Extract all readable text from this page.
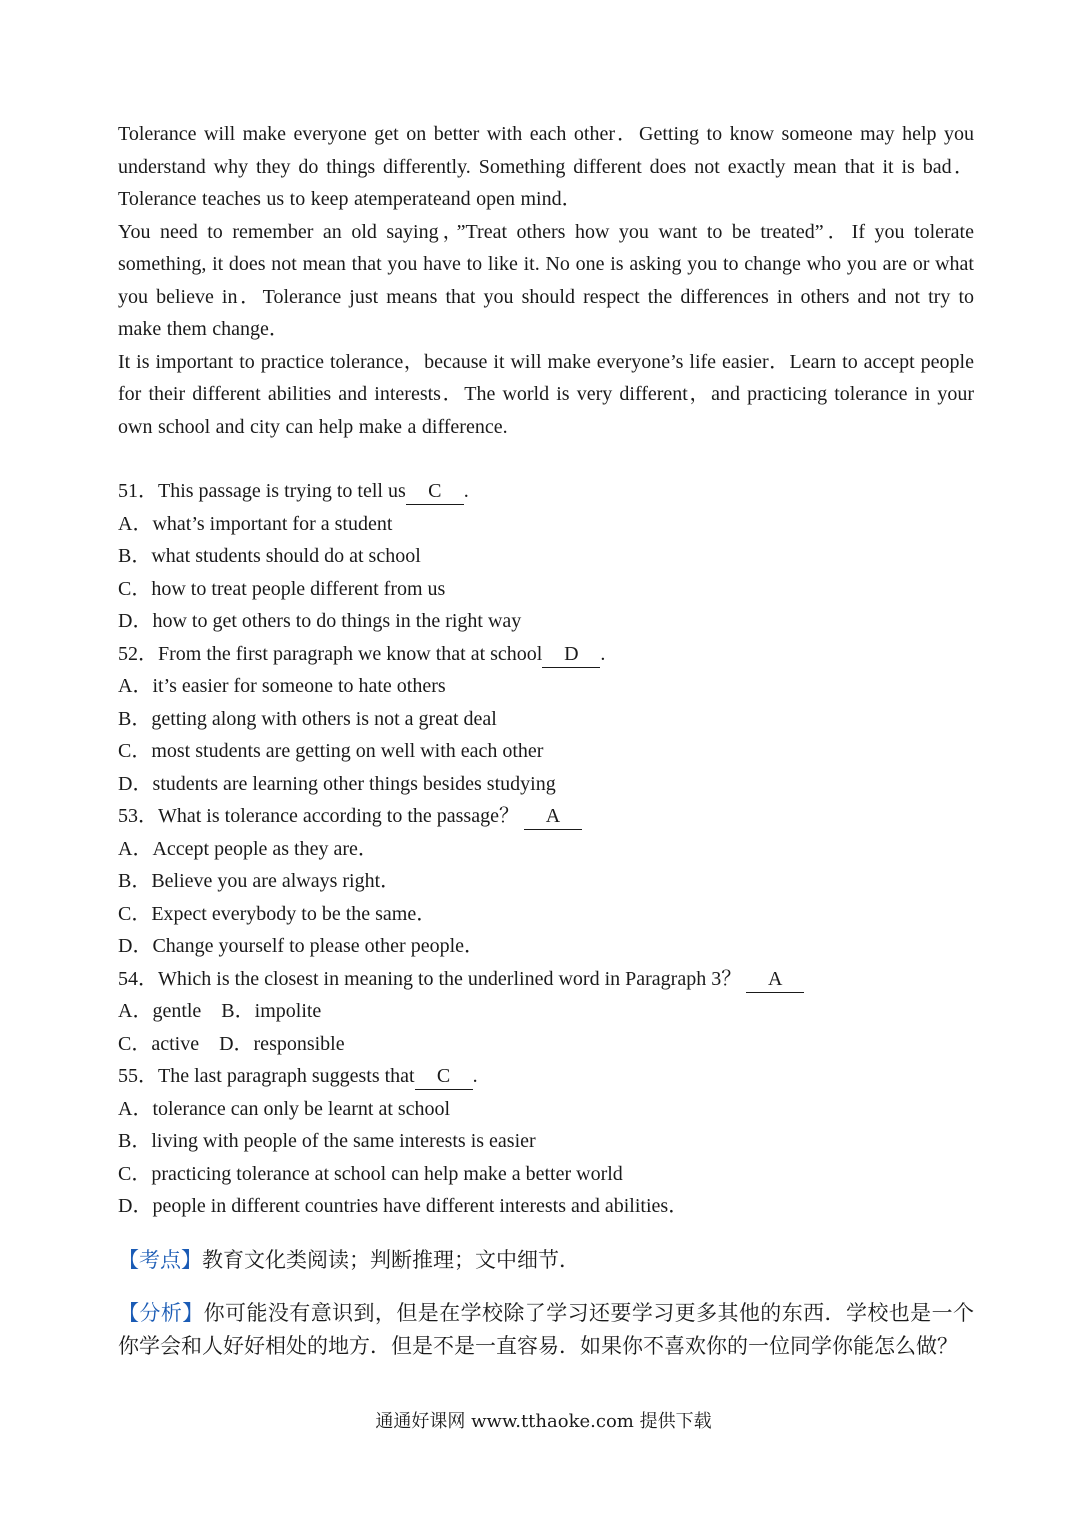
Tolerance will make everyone get on better with each other．Getting to know someone may help you understand why they do things differently. Something different does not exactly mean that it is bad．Tolerance teaches us to keep atemperateand open mind．

You need to remember an old saying，”Treat others how you want to be treated”．If you tolerate something, it does not mean that you have to like it. No one is asking you to change who you are or what you believe in．Tolerance just means that you should respect the differences in others and not try to make them change．

It is important to practice tolerance，because it will make everyone’s life easier．Learn to accept people for their different abilities and interests．The world is very different，and practicing tolerance in your own school and city can help make a difference.

51．This passage is trying to tell us C .

A．what’s important for a student

B．what students should do at school

C．how to treat people different from us

D．how to get others to do things in the right way

52．From the first paragraph we know that at school D .

A．it’s easier for someone to hate others

B．getting along with others is not a great deal

C．most students are getting on well with each other

D．students are learning other things besides studying

53．What is tolerance according to the passage？ A

A．Accept people as they are．

B．Believe you are always right．

C．Expect everybody to be the same．

D．Change yourself to please other people．

54．Which is the closest in meaning to the underlined word in Paragraph 3？ A

A．gentle　B．impolite

C．active　D．responsible

55．The last paragraph suggests that C .

A．tolerance can only be learnt at school

B．living with people of the same interests is easier

C．practicing tolerance at school can help make a better world

D．people in different countries have different interests and abilities．

【考点】教育文化类阅读；判断推理；文中细节．

【分析】你可能没有意识到，但是在学校除了学习还要学习更多其他的东西．学校也是一个你学会和人好好相处的地方．但是不是一直容易．如果你不喜欢你的一位同学你能怎么做？

通通好课网 www.tthaoke.com 提供下载
